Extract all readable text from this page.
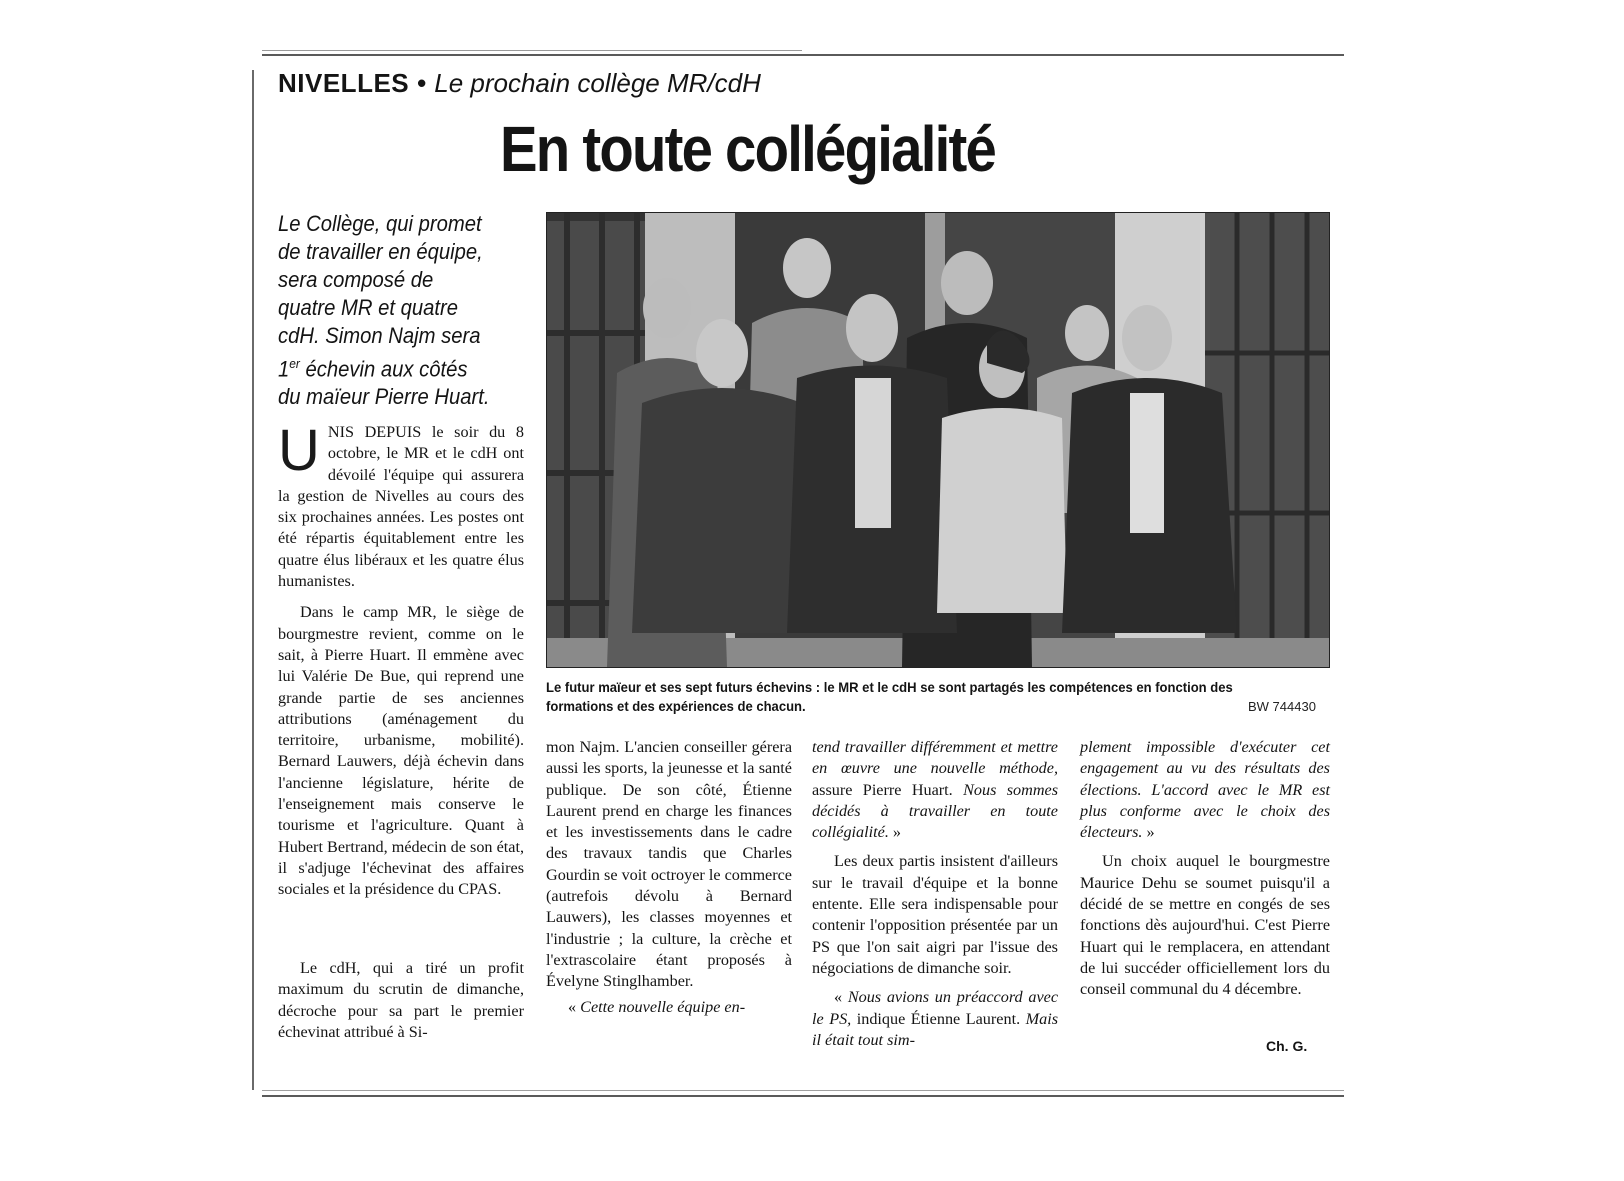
NIVELLES • Le prochain collège MR/cdH
En toute collégialité

Le Collège, qui promet

de travailler en équipe,

sera composé de

quatre MR et quatre

cdH. Simon Najm sera

1er échevin aux côtés

du maïeur Pierre Huart.

U NIS DEPUIS le soir du 8 octobre, le MR et le cdH ont dévoilé l'équipe qui assurera la gestion de Nivelles au cours des six prochaines années. Les postes ont été répartis équitablement entre les quatre élus libéraux et les quatre élus humanistes.

Dans le camp MR, le siège de bourgmestre revient, comme on le sait, à Pierre Huart. Il emmène avec lui Valérie De Bue, qui reprend une grande partie de ses anciennes attributions (aménagement du territoire, urbanisme, mobilité). Bernard Lauwers, déjà échevin dans l'ancienne législature, hérite de l'enseignement mais conserve le tourisme et l'agriculture. Quant à Hubert Bertrand, médecin de son état, il s'adjuge l'échevinat des affaires sociales et la présidence du CPAS.

Le cdH, qui a tiré un profit maximum du scrutin de dimanche, décroche pour sa part le premier échevinat attribué à Si-

mon Najm. L'ancien conseiller gérera aussi les sports, la jeunesse et la santé publique. De son côté, Étienne Laurent prend en charge les finances et les investissements dans le cadre des travaux tandis que Charles Gourdin se voit octroyer le commerce (autrefois dévolu à Bernard Lauwers), les classes moyennes et l'industrie ; la culture, la crèche et l'extrascolaire étant proposés à Évelyne Stinglhamber.

« Cette nouvelle équipe en-

tend travailler différemment et mettre en œuvre une nouvelle méthode, assure Pierre Huart. Nous sommes décidés à travailler en toute collégialité. »

Les deux partis insistent d'ailleurs sur le travail d'équipe et la bonne entente. Elle sera indispensable pour contenir l'opposition présentée par un PS que l'on sait aigri par l'issue des négociations de dimanche soir.

« Nous avions un préaccord avec le PS, indique Étienne Laurent. Mais il était tout sim-

plement impossible d'exécuter cet engagement au vu des résultats des élections. L'accord avec le MR est plus conforme avec le choix des électeurs. »

Un choix auquel le bourgmestre Maurice Dehu se soumet puisqu'il a décidé de se mettre en congés de ses fonctions dès aujourd'hui. C'est Pierre Huart qui le remplacera, en attendant de lui succéder officiellement lors du conseil communal du 4 décembre.

Ch. G.
Le futur maïeur et ses sept futurs échevins : le MR et le cdH se sont partagés les compétences en fonction des formations et des expériences de chacun.	BW 744430
